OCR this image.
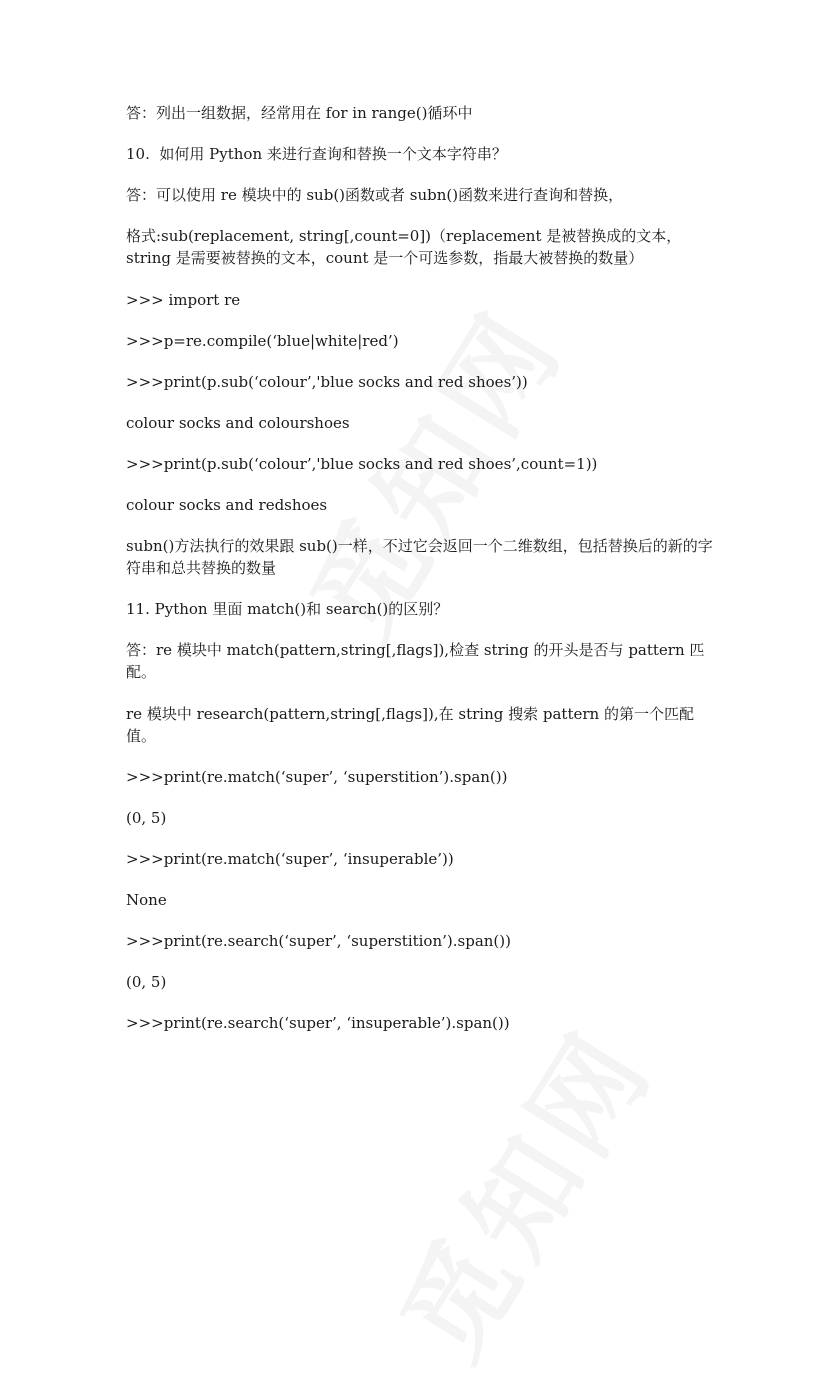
答：列出一组数据，经常用在 for in range()循环中

10.  如何用 Python 来进行查询和替换一个文本字符串？

答：可以使用 re 模块中的 sub()函数或者 subn()函数来进行查询和替换，

格式:sub(replacement, string[,count=0])（replacement 是被替换成的文本，string 是需要被替换的文本，count 是一个可选参数，指最大被替换的数量）

>>> import re

>>>p=re.compile(‘blue|white|red’)

>>>print(p.sub(‘colour’,'blue socks and red shoes’))

colour socks and colourshoes

>>>print(p.sub(‘colour’,'blue socks and red shoes’,count=1))

colour socks and redshoes

subn()方法执行的效果跟 sub()一样，不过它会返回一个二维数组，包括替换后的新的字符串和总共替换的数量

11. Python 里面 match()和 search()的区别？

答：re 模块中 match(pattern,string[,flags]),检查 string 的开头是否与 pattern 匹配。

re 模块中 research(pattern,string[,flags]),在 string 搜索 pattern 的第一个匹配值。

>>>print(re.match(‘super’, ‘superstition’).span())

(0, 5)

>>>print(re.match(‘super’, ‘insuperable’))

None

>>>print(re.search(‘super’, ‘superstition’).span())

(0, 5)

>>>print(re.search(‘super’, ‘insuperable’).span())
